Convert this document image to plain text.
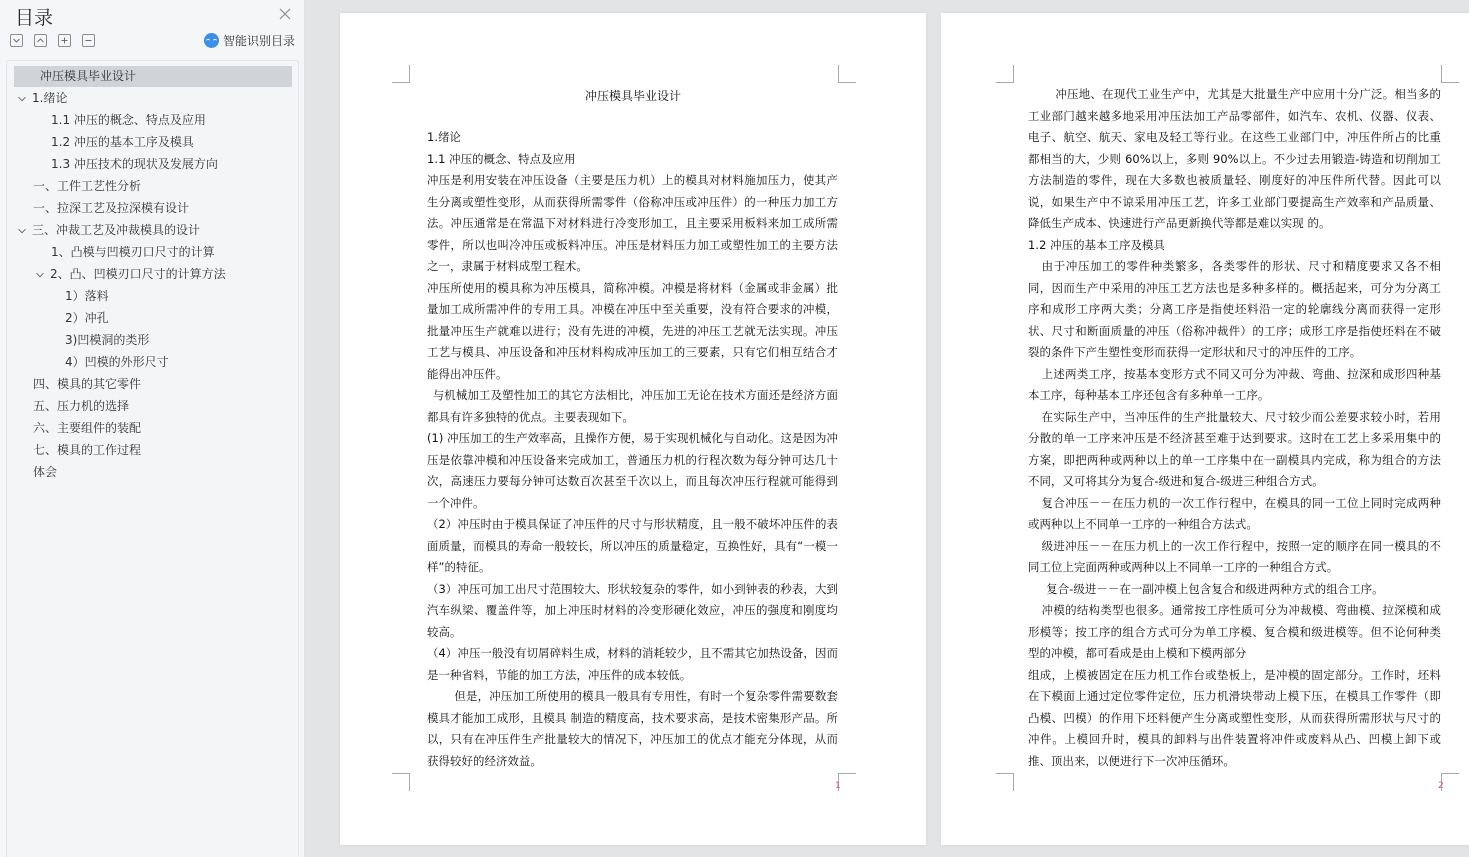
目录
智能识别目录
冲压模具毕业设计
1.绪论
1.1 冲压的概念、特点及应用
1.2 冲压的基本工序及模具
1.3 冲压技术的现状及发展方向
一、工件工艺性分析
一、拉深工艺及拉深模有设计
三、冲裁工艺及冲裁模具的设计
1、凸模与凹模刃口尺寸的计算
2、凸、凹模刃口尺寸的计算方法
1）落料
2）冲孔
3)凹模洞的类形
4）凹模的外形尺寸
四、模具的其它零件
五、压力机的选择
六、主要组件的装配
七、模具的工作过程
体会
冲压模具毕业设计

1.绪论

1.1 冲压的概念、特点及应用

冲压是利用安装在冲压设备（主要是压力机）上的模具对材料施加压力，使其产生分离或塑性变形，从而获得所需零件（俗称冲压或冲压件）的一种压力加工方法。冲压通常是在常温下对材料进行冷变形加工，且主要采用板料来加工成所需零件，所以也叫冷冲压或板料冲压。冲压是材料压力加工或塑性加工的主要方法之一，隶属于材料成型工程术。

冲压所使用的模具称为冲压模具，简称冲模。冲模是将材料（金属或非金属）批量加工成所需冲件的专用工具。冲模在冲压中至关重要，没有符合要求的冲模，批量冲压生产就难以进行；没有先进的冲模，先进的冲压工艺就无法实现。冲压工艺与模具、冲压设备和冲压材料构成冲压加工的三要素，只有它们相互结合才能得出冲压件。

与机械加工及塑性加工的其它方法相比，冲压加工无论在技术方面还是经济方面都具有许多独特的优点。主要表现如下。

(1) 冲压加工的生产效率高，且操作方便，易于实现机械化与自动化。这是因为冲压是依靠冲模和冲压设备来完成加工，普通压力机的行程次数为每分钟可达几十次，高速压力要每分钟可达数百次甚至千次以上，而且每次冲压行程就可能得到一个冲件。

（2）冲压时由于模具保证了冲压件的尺寸与形状精度，且一般不破坏冲压件的表面质量，而模具的寿命一般较长，所以冲压的质量稳定，互换性好，具有“一模一样”的特征。

（3）冲压可加工出尺寸范围较大、形状较复杂的零件，如小到钟表的秒表，大到汽车纵梁、覆盖件等，加上冲压时材料的冷变形硬化效应，冲压的强度和刚度均较高。

（4）冲压一般没有切屑碎料生成，材料的消耗较少，且不需其它加热设备，因而是一种省料，节能的加工方法，冲压件的成本较低。

但是，冲压加工所使用的模具一般具有专用性，有时一个复杂零件需要数套模具才能加工成形，且模具 制造的精度高，技术要求高，是技术密集形产品。所以，只有在冲压件生产批量较大的情况下，冲压加工的优点才能充分体现，从而获得较好的经济效益。

1

冲压地、在现代工业生产中，尤其是大批量生产中应用十分广泛。相当多的工业部门越来越多地采用冲压法加工产品零部件，如汽车、农机、仪器、仪表、电子、航空、航天、家电及轻工等行业。在这些工业部门中，冲压件所占的比重都相当的大，少则 60%以上，多则 90%以上。不少过去用锻造-铸造和切削加工方法制造的零件，现在大多数也被质量轻、刚度好的冲压件所代替。因此可以说，如果生产中不谅采用冲压工艺，许多工业部门要提高生产效率和产品质量、降低生产成本、快速进行产品更新换代等都是难以实现 的。

1.2 冲压的基本工序及模具

由于冲压加工的零件种类繁多，各类零件的形状、尺寸和精度要求又各不相同，因而生产中采用的冲压工艺方法也是多种多样的。概括起来，可分为分离工序和成形工序两大类；分离工序是指使坯料沿一定的轮廓线分离而获得一定形状、尺寸和断面质量的冲压（俗称冲裁件）的工序；成形工序是指使坯料在不破裂的条件下产生塑性变形而获得一定形状和尺寸的冲压件的工序。

上述两类工序，按基本变形方式不同又可分为冲裁、弯曲、拉深和成形四种基本工序，每种基本工序还包含有多种单一工序。

在实际生产中，当冲压件的生产批量较大、尺寸较少而公差要求较小时，若用分散的单一工序来冲压是不经济甚至难于达到要求。这时在工艺上多采用集中的方案，即把两种或两种以上的单一工序集中在一副模具内完成，称为组合的方法不同，又可将其分为复合-级进和复合-级进三种组合方式。

复合冲压－－在压力机的一次工作行程中，在模具的同一工位上同时完成两种或两种以上不同单一工序的一种组合方法式。

级进冲压－－在压力机上的一次工作行程中，按照一定的顺序在同一模具的不同工位上完面两种或两种以上不同单一工序的一种组合方式。

复合-级进－－在一副冲模上包含复合和级进两种方式的组合工序。

冲模的结构类型也很多。通常按工序性质可分为冲裁模、弯曲模、拉深模和成形模等；按工序的组合方式可分为单工序模、复合模和级进模等。但不论何种类型的冲模，都可看成是由上模和下模两部分

组成，上模被固定在压力机工作台或垫板上，是冲模的固定部分。工作时，坯料在下模面上通过定位零件定位，压力机滑块带动上模下压，在模具工作零件（即凸模、凹模）的作用下坯料便产生分离或塑性变形，从而获得所需形状与尺寸的冲件。上模回升时，模具的卸料与出件装置将冲件或废料从凸、凹模上卸下或推、顶出来，以便进行下一次冲压循环。

2
